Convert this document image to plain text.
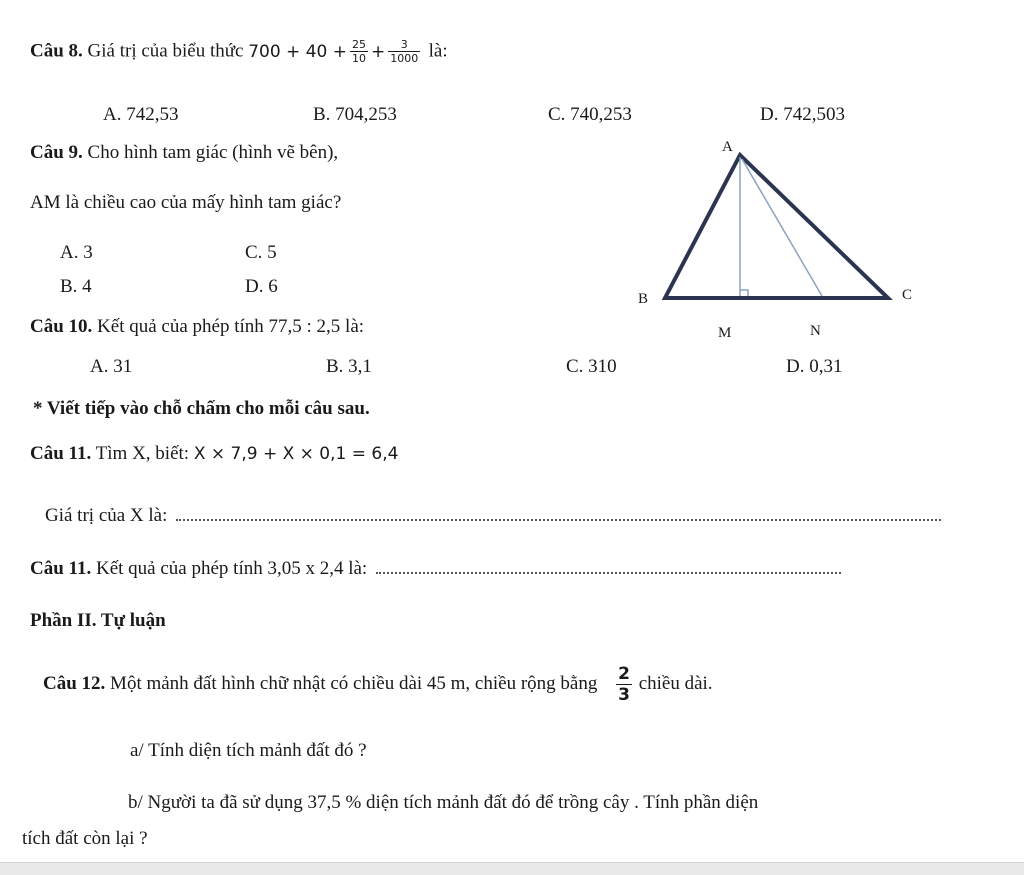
Câu 8. Giá trị của biểu thức $700 + 40 + \frac{25}{10} + \frac{3}{1000}$ là:
A. 742,53	B. 704,253	C. 740,253	D. 742,503
Câu 9. Cho hình tam giác (hình vẽ bên),
AM là chiều cao của mấy hình tam giác?
A. 3	C. 5
B. 4	D. 6
A
B	C
M	N
Câu 10. Kết quả của phép tính 77,5 : 2,5 là:
A. 31	B. 3,1	C. 310	D. 0,31
* Viết tiếp vào chỗ chấm cho mỗi câu sau.
Câu 11. Tìm X, biết: X × 7,9 + X × 0,1 = 6,4
Giá trị của X là:
Câu 11. Kết quả của phép tính 3,05 x 2,4 là:
Phần II. Tự luận
Câu 12. Một mảnh đất hình chữ nhật có chiều dài 45 m, chiều rộng bằng $\frac{2}{3}$ chiều dài.
a/ Tính diện tích mảnh đất đó ?
b/ Người ta đã sử dụng 37,5 % diện tích mảnh đất đó để trồng cây . Tính phần diện
tích đất còn lại ?
